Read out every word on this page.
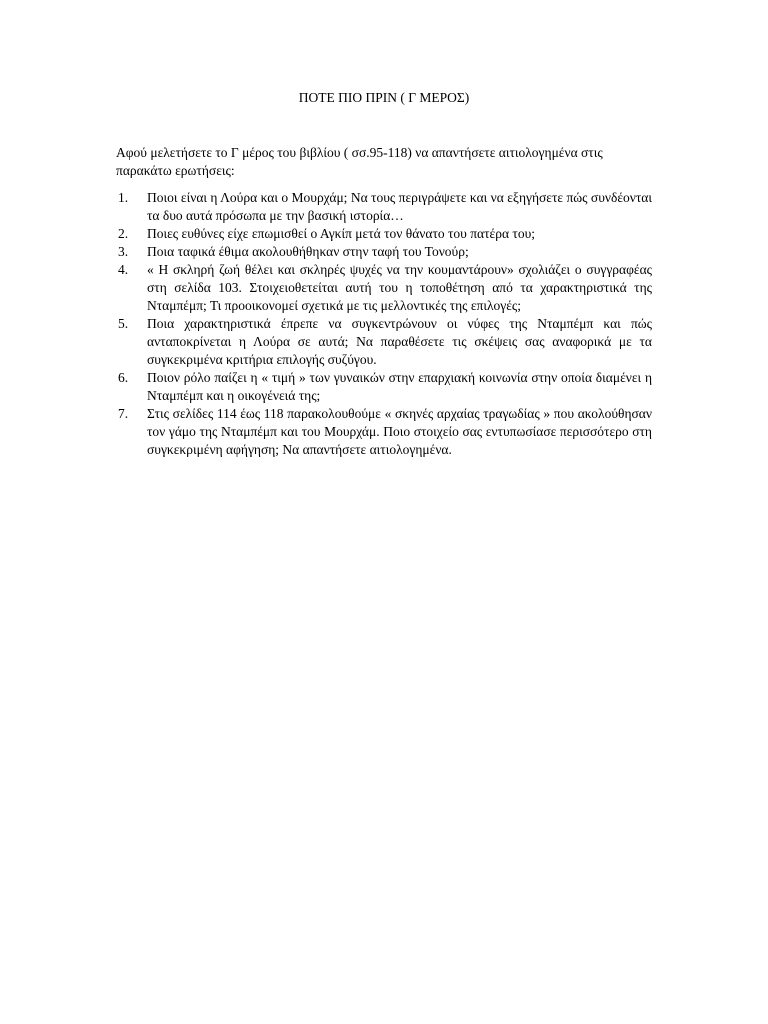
ΠΟΤΕ ΠΙΟ ΠΡΙΝ ( Γ ΜΕΡΟΣ)

Αφού μελετήσετε το Γ μέρος του βιβλίου ( σσ.95-118) να απαντήσετε αιτιολογημένα στις παρακάτω ερωτήσεις:

1.	Ποιοι είναι η Λούρα και ο Μουρχάμ; Να τους περιγράψετε και να εξηγήσετε πώς συνδέονται τα δυο αυτά πρόσωπα με την βασική ιστορία…
2.	Ποιες ευθύνες είχε επωμισθεί ο Αγκίπ μετά τον θάνατο του πατέρα του;
3.	Ποια ταφικά έθιμα ακολουθήθηκαν στην ταφή του Τονούρ;
4.	« Η σκληρή ζωή θέλει και σκληρές ψυχές να την κουμαντάρουν» σχολιάζει ο συγγραφέας στη σελίδα 103. Στοιχειοθετείται αυτή του η τοποθέτηση από τα χαρακτηριστικά της Νταμπέμπ; Τι προοικονομεί σχετικά με τις μελλοντικές της επιλογές;
5.	Ποια χαρακτηριστικά έπρεπε να συγκεντρώνουν οι νύφες της Νταμπέμπ και πώς ανταποκρίνεται η Λούρα σε αυτά; Να παραθέσετε τις σκέψεις σας αναφορικά με τα συγκεκριμένα κριτήρια επιλογής συζύγου.
6.	Ποιον ρόλο παίζει η « τιμή » των γυναικών στην επαρχιακή κοινωνία στην οποία διαμένει η Νταμπέμπ και η οικογένειά της;
7.	Στις σελίδες 114 έως 118 παρακολουθούμε « σκηνές αρχαίας τραγωδίας » που ακολούθησαν τον γάμο της Νταμπέμπ και του Μουρχάμ. Ποιο στοιχείο σας εντυπωσίασε περισσότερο στη συγκεκριμένη αφήγηση; Να απαντήσετε αιτιολογημένα.
